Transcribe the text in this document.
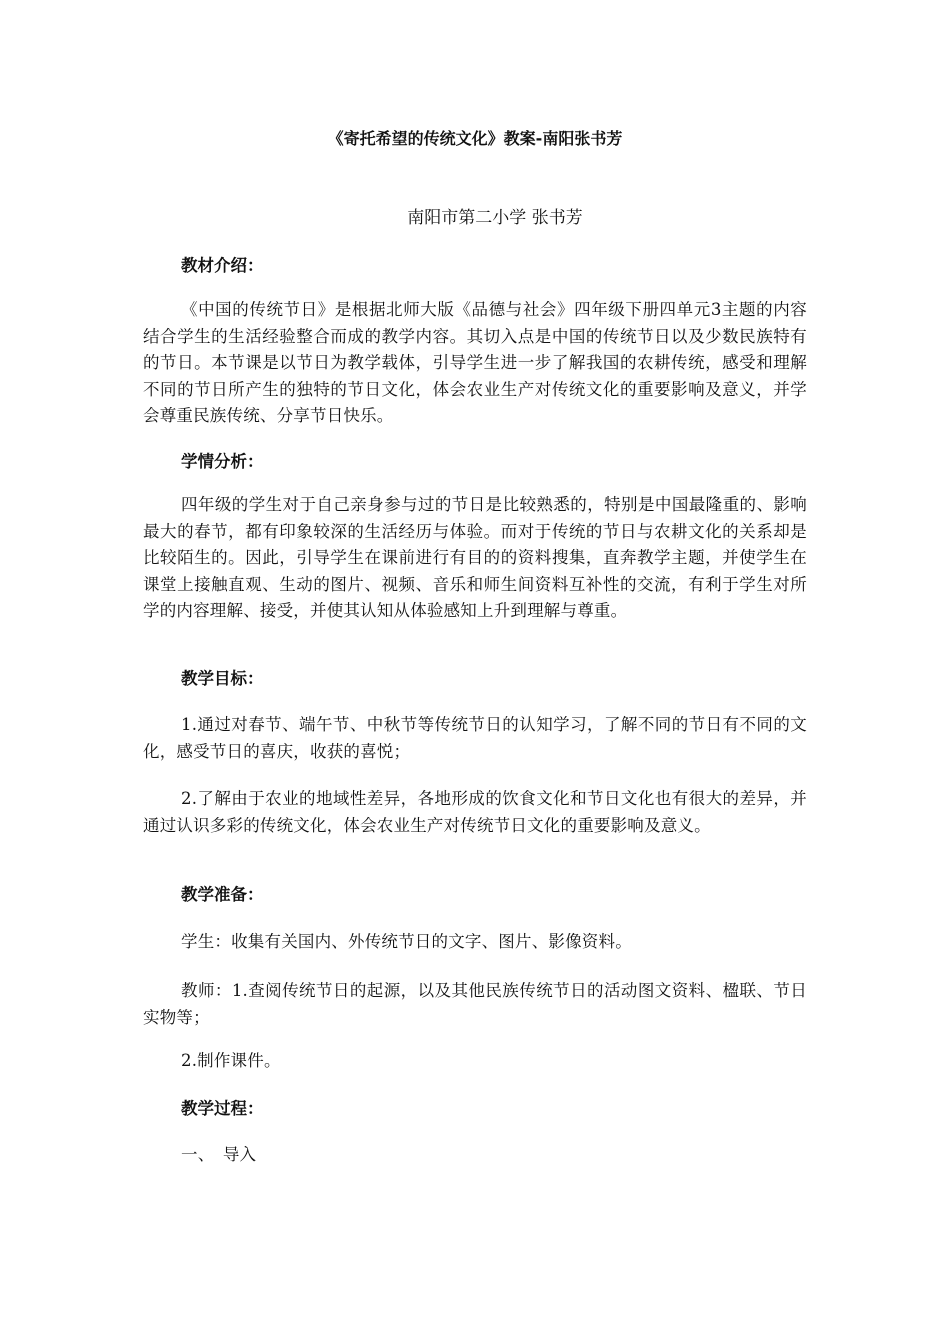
《寄托希望的传统文化》教案-南阳张书芳

南阳市第二小学 张书芳

教材介绍：

《中国的传统节日》是根据北师大版《品德与社会》四年级下册四单元3主题的内容结合学生的生活经验整合而成的教学内容。其切入点是中国的传统节日以及少数民族特有的节日。本节课是以节日为教学载体，引导学生进一步了解我国的农耕传统，感受和理解不同的节日所产生的独特的节日文化，体会农业生产对传统文化的重要影响及意义，并学会尊重民族传统、分享节日快乐。

学情分析：

四年级的学生对于自己亲身参与过的节日是比较熟悉的，特别是中国最隆重的、影响最大的春节，都有印象较深的生活经历与体验。而对于传统的节日与农耕文化的关系却是比较陌生的。因此，引导学生在课前进行有目的的资料搜集，直奔教学主题，并使学生在课堂上接触直观、生动的图片、视频、音乐和师生间资料互补性的交流，有利于学生对所学的内容理解、接受，并使其认知从体验感知上升到理解与尊重。

教学目标：

1.通过对春节、端午节、中秋节等传统节日的认知学习，了解不同的节日有不同的文化，感受节日的喜庆，收获的喜悦；

2.了解由于农业的地域性差异，各地形成的饮食文化和节日文化也有很大的差异，并通过认识多彩的传统文化，体会农业生产对传统节日文化的重要影响及意义。

教学准备：

学生：收集有关国内、外传统节日的文字、图片、影像资料。

教师：1.查阅传统节日的起源，以及其他民族传统节日的活动图文资料、楹联、节日实物等；

2.制作课件。

教学过程：

一、　导入
